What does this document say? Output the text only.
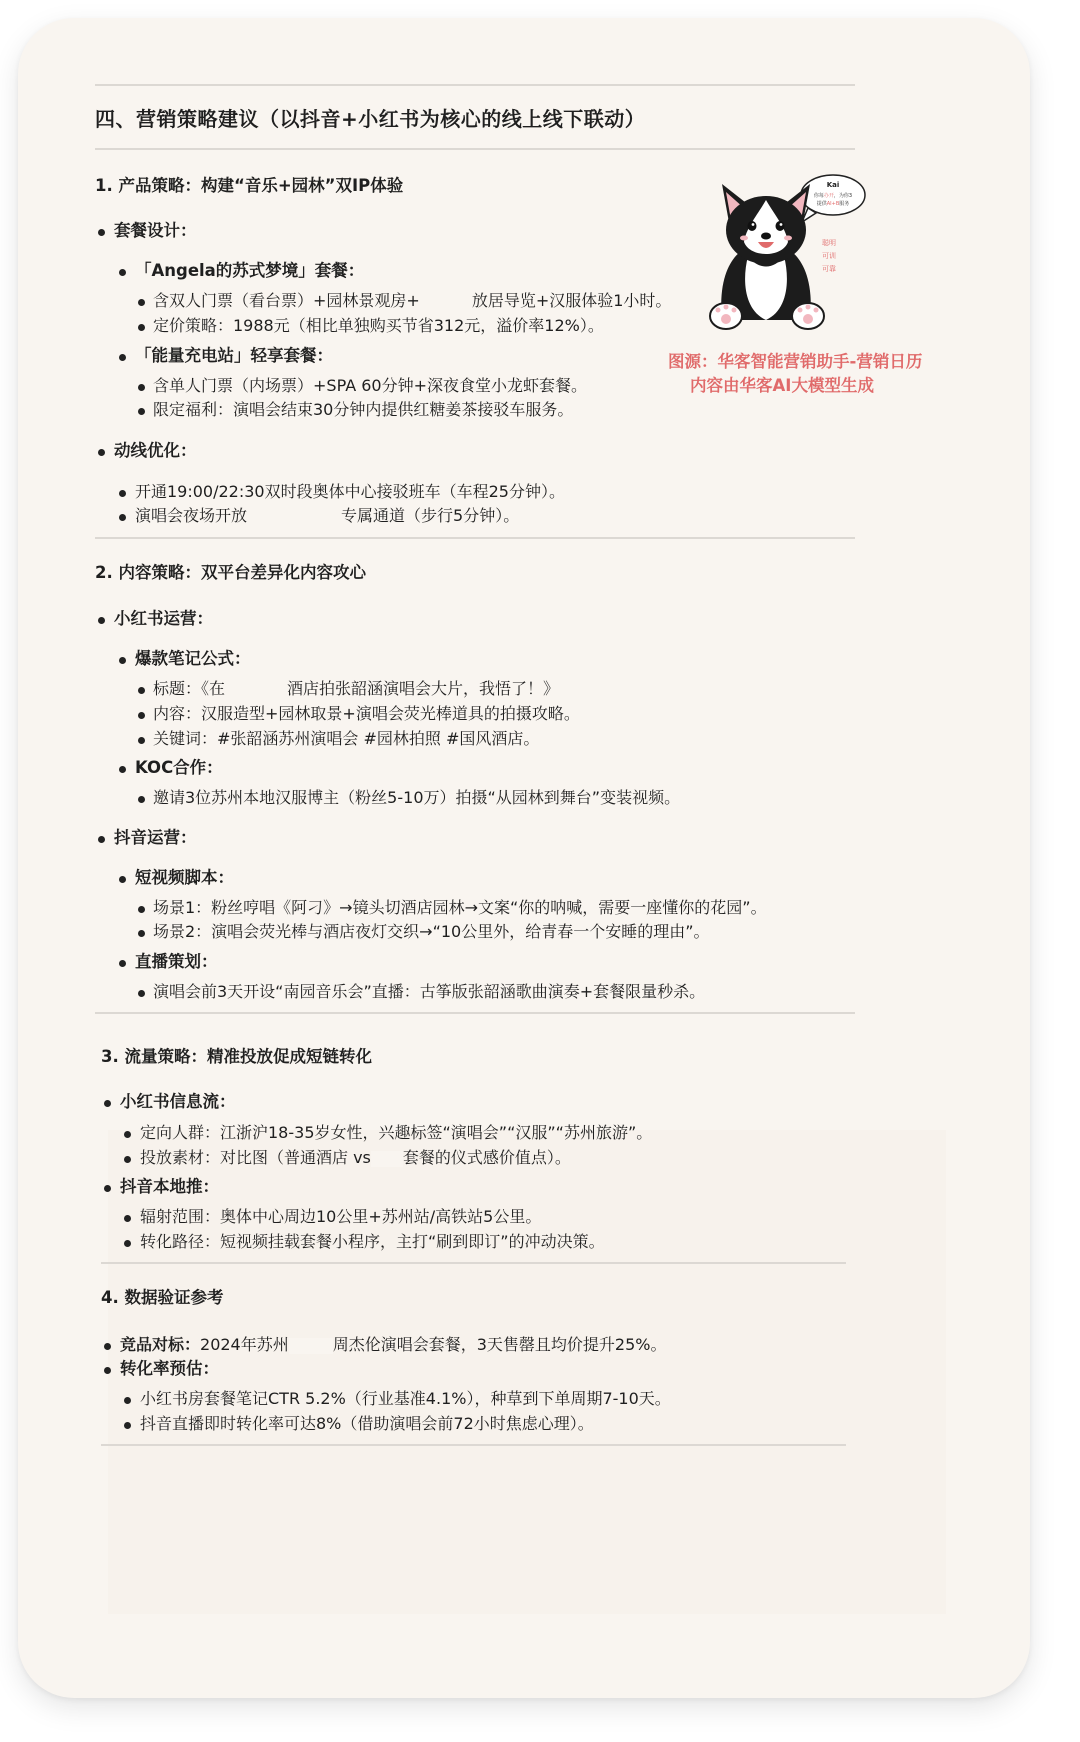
四、营销策略建议（以抖音+小红书为核心的线上线下联动）
1. 产品策略：构建“音乐+园林”双IP体验
套餐设计：
「Angela的苏式梦境」套餐：
含双人门票（看台票）+园林景观房+	放居导览+汉服体验1小时。
定价策略：1988元（相比单独购买节省312元，溢价率12%）。
「能量充电站」轻享套餐：
含单人门票（内场票）+SPA 60分钟+深夜食堂小龙虾套餐。
限定福利：演唱会结束30分钟内提供红糖姜茶接驳车服务。
动线优化：
开通19:00/22:30双时段奥体中心接驳班车（车程25分钟）。
演唱会夜场开放	专属通道（步行5分钟）。
2. 内容策略：双平台差异化内容攻心
小红书运营：
爆款笔记公式：
标题：《在	酒店拍张韶涵演唱会大片，我悟了！》
内容：汉服造型+园林取景+演唱会荧光棒道具的拍摄攻略。
关键词：#张韶涵苏州演唱会 #园林拍照 #国风酒店。
KOC合作：
邀请3位苏州本地汉服博主（粉丝5-10万）拍摄“从园林到舞台”变装视频。
抖音运营：
短视频脚本：
场景1：粉丝哼唱《阿刁》→镜头切酒店园林→文案“你的呐喊，需要一座懂你的花园”。
场景2：演唱会荧光棒与酒店夜灯交织→“10公里外，给青春一个安睡的理由”。
直播策划：
演唱会前3天开设“南园音乐会”直播：古筝版张韶涵歌曲演奏+套餐限量秒杀。
3. 流量策略：精准投放促成短链转化
小红书信息流：
定向人群：江浙沪18-35岁女性，兴趣标签“演唱会”“汉服”“苏州旅游”。
投放素材：对比图（普通酒店 vs 套餐的仪式感价值点）。
抖音本地推：
辐射范围：奥体中心周边10公里+苏州站/高铁站5公里。
转化路径：短视频挂载套餐小程序，主打“刷到即订”的冲动决策。
4. 数据验证参考
竞品对标：2024年苏州	周杰伦演唱会套餐，3天售罄且均价提升25%。
转化率预估：
小红书房套餐笔记CTR 5.2%（行业基准4.1%），种草到下单周期7-10天。
抖音直播即时转化率可达8%（借助演唱会前72小时焦虑心理）。
Kai
你每办开，为你3
提供AI+B服务
聪明
可训
可靠
图源：华客智能营销助手-营销日历
内容由华客AI大模型生成
